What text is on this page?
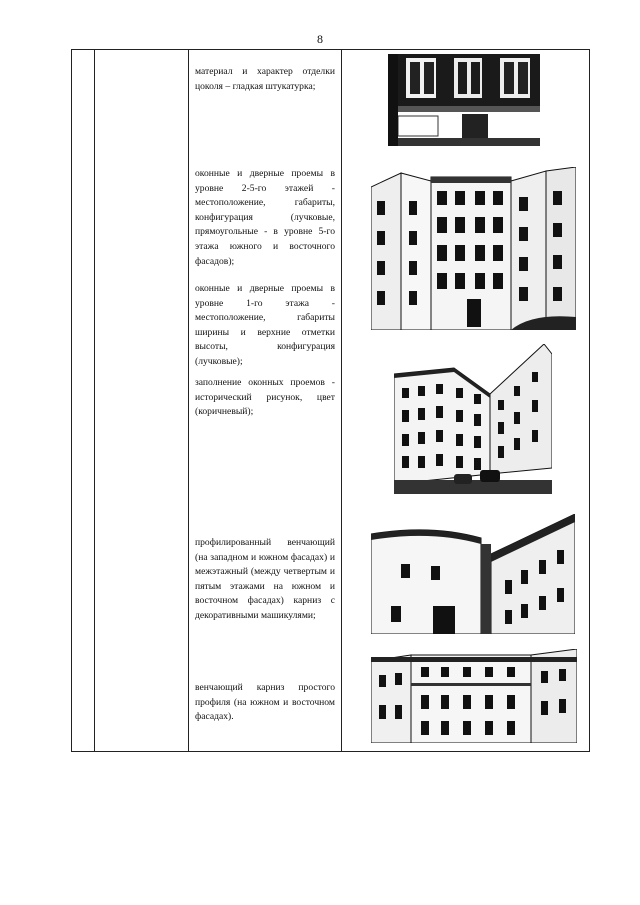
8
материал и характер отделки цоколя – гладкая штукатурка;
оконные и дверные проемы в уровне 2-5-го этажей - местоположение, габариты, конфигурация (лучковые, прямоугольные - в уровне 5-го этажа южного и восточного фасадов);
оконные и дверные проемы в уровне 1-го этажа - местоположение, габариты ширины и верхние отметки высоты, конфигурация (лучковые);
заполнение оконных проемов - исторический рисунок, цвет (коричневый);
профилированный венчающий (на западном и южном фасадах) и межэтажный (между четвертым и пятым этажами на южном и восточном фасадах) карниз с декоративными машикулями;
венчающий карниз простого профиля (на южном и восточном фасадах).
